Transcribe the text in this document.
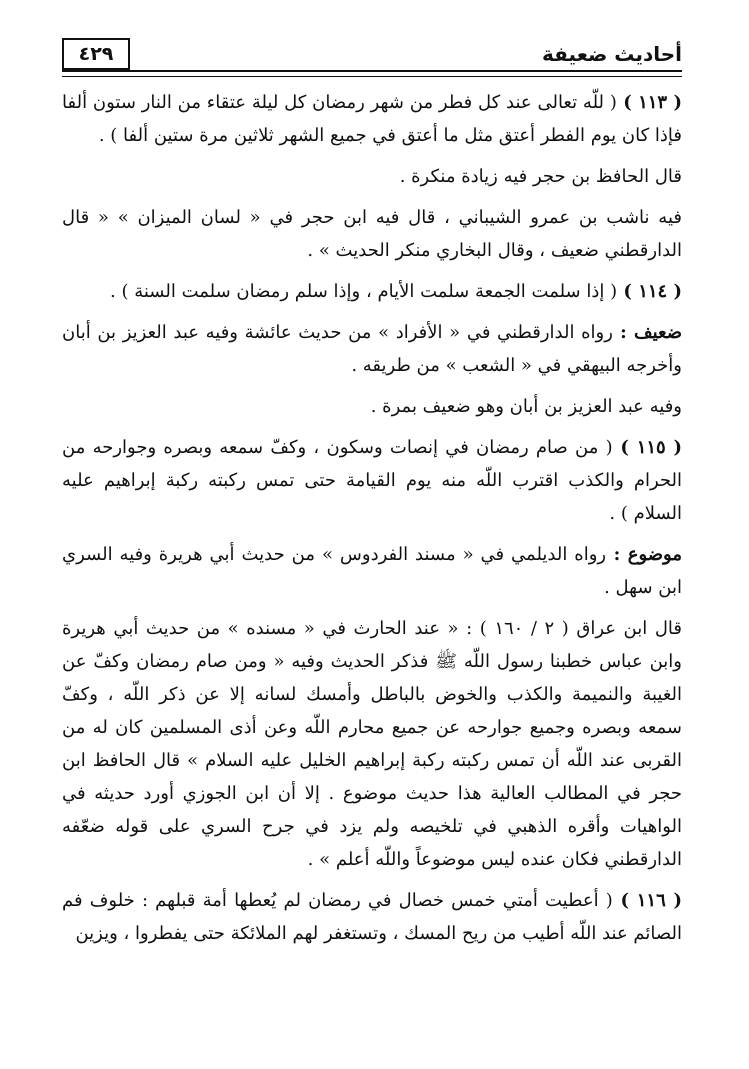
أحاديث ضعيفة
٤٢٩

( ١١٣ ) ( للّه تعالى عند كل فطر من شهر رمضان كل ليلة عتقاء من النار ستون ألفا فإذا كان يوم الفطر أعتق مثل ما أعتق في جميع الشهر ثلاثين مرة ستين ألفا ) .

قال الحافظ بن حجر فيه زيادة منكرة .

فيه ناشب بن عمرو الشيباني ، قال فيه ابن حجر في « لسان الميزان » « قال الدارقطني ضعيف ، وقال البخاري منكر الحديث » .

( ١١٤ ) ( إذا سلمت الجمعة سلمت الأيام ، وإذا سلم رمضان سلمت السنة ) .

ضعيف : رواه الدارقطني في « الأفراد » من حديث عائشة وفيه عبد العزيز بن أبان وأخرجه البيهقي في « الشعب » من طريقه .

وفيه عبد العزيز بن أبان وهو ضعيف بمرة .

( ١١٥ ) ( من صام رمضان في إنصات وسكون ، وكفّ سمعه وبصره وجوارحه من الحرام والكذب اقترب اللّه منه يوم القيامة حتى تمس ركبته ركبة إبراهيم عليه السلام ) .

موضوع : رواه الديلمي في « مسند الفردوس » من حديث أبي هريرة وفيه السري ابن سهل .

قال ابن عراق ( ٢ / ١٦٠ ) : « عند الحارث في « مسنده » من حديث أبي هريرة وابن عباس خطبنا رسول اللّه ﷺ فذكر الحديث وفيه « ومن صام رمضان وكفّ عن الغيبة والنميمة والكذب والخوض بالباطل وأمسك لسانه إلا عن ذكر اللّه ، وكفّ سمعه وبصره وجميع جوارحه عن جميع محارم اللّه وعن أذى المسلمين كان له من القربى عند اللّه أن تمس ركبته ركبة إبراهيم الخليل عليه السلام » قال الحافظ ابن حجر في المطالب العالية هذا حديث موضوع . إلا أن ابن الجوزي أورد حديثه في الواهيات وأقره الذهبي في تلخيصه ولم يزد في جرح السري على قوله ضعّفه الدارقطني فكان عنده ليس موضوعاً واللّه أعلم » .

( ١١٦ ) ( أعطيت أمتي خمس خصال في رمضان لم يُعطها أمة قبلهم : خلوف فم الصائم عند اللّه أطيب من ريح المسك ، وتستغفر لهم الملائكة حتى يفطروا ، ويزين
